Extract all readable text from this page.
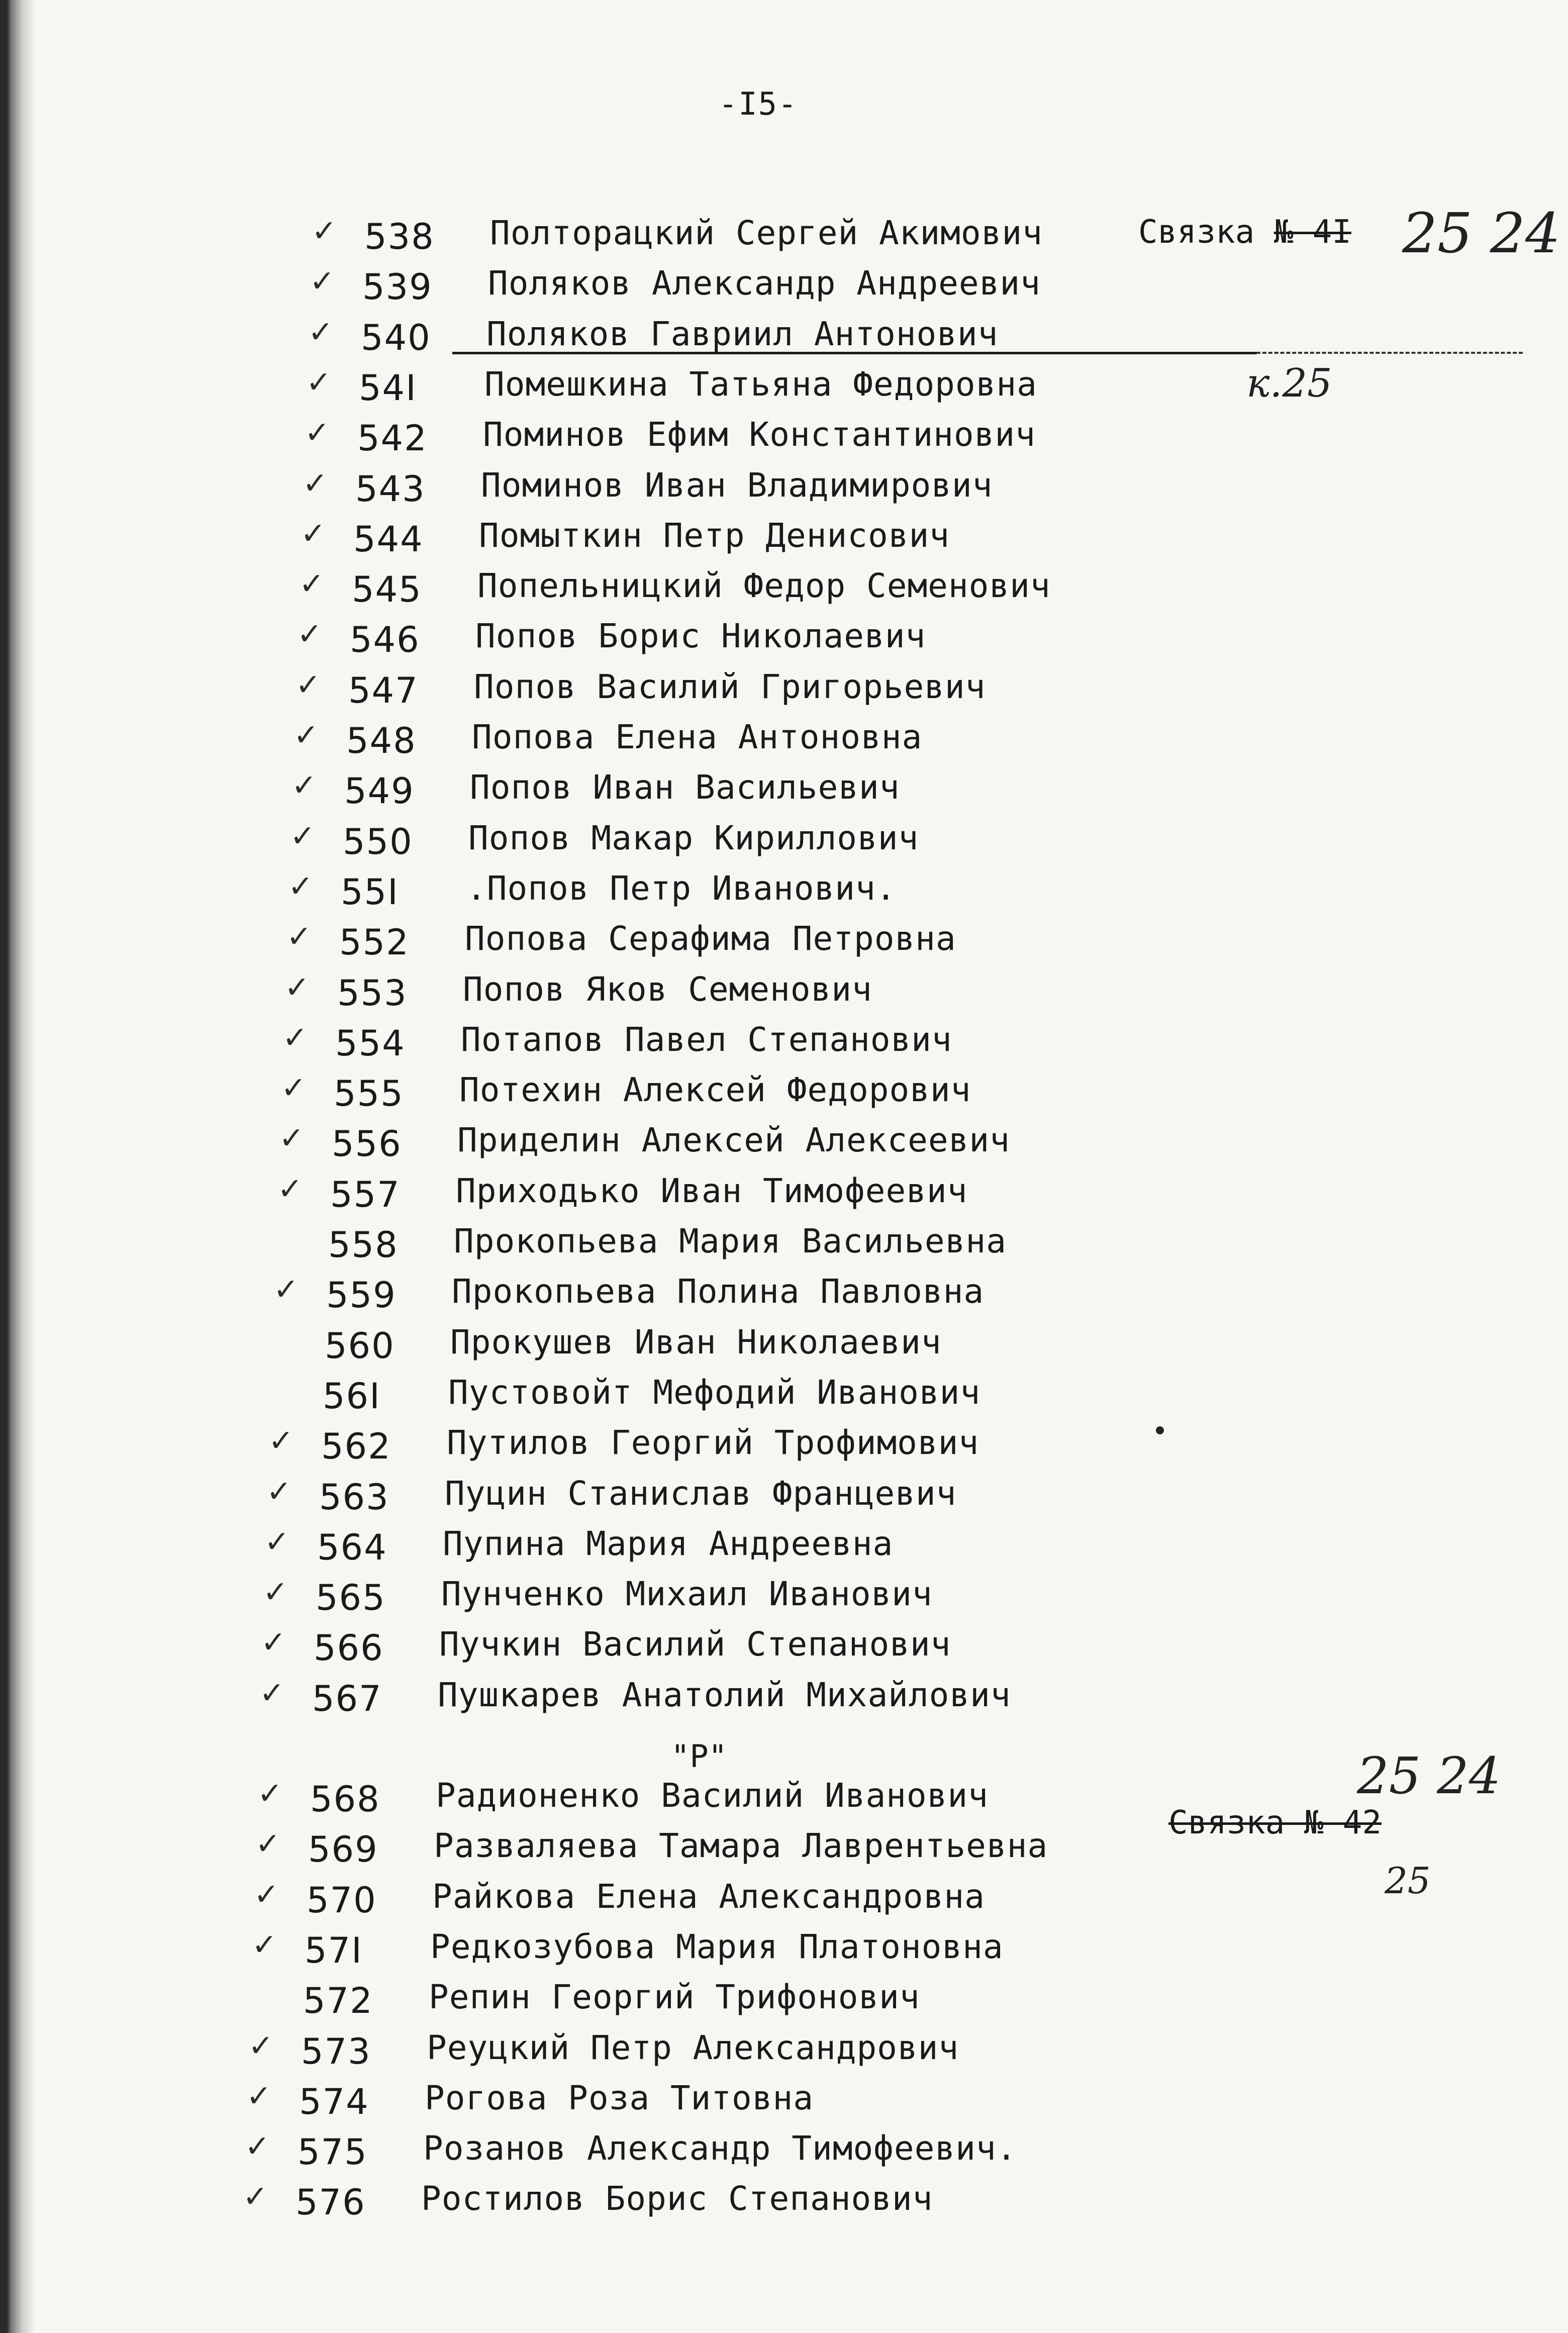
-I5-
✓ 538 Полторацкий Сергей Акимович
✓ 539 Поляков Александр Андреевич
✓ 540 Поляков Гавриил Антонович
✓ 54I Помешкина Татьяна Федоровна
✓ 542 Поминов Ефим Константинович
✓ 543 Поминов Иван Владимирович
✓ 544 Помыткин Петр Денисович
✓ 545 Попельницкий Федор Семенович
✓ 546 Попов Борис Николаевич
✓ 547 Попов Василий Григорьевич
✓ 548 Попова Елена Антоновна
✓ 549 Попов Иван Васильевич
✓ 550 Попов Макар Кириллович
✓ 55I .Попов Петр Иванович.
✓ 552 Попова Серафима Петровна
✓ 553 Попов Яков Семенович
✓ 554 Потапов Павел Степанович
✓ 555 Потехин Алексей Федорович
✓ 556 Приделин Алексей Алексеевич
✓ 557 Приходько Иван Тимофеевич
558 Прокопьева Мария Васильевна
✓ 559 Прокопьева Полина Павловна
560 Прокушев Иван Николаевич
56I Пустовойт Мефодий Иванович
✓ 562 Путилов Георгий Трофимович
✓ 563 Пуцин Станислав Францевич
✓ 564 Пупина Мария Андреевна
✓ 565 Пунченко Михаил Иванович
✓ 566 Пучкин Василий Степанович
✓ 567 Пушкарев Анатолий Михайлович
✓ 568 Радионенко Василий Иванович
✓ 569 Разваляева Тамара Лаврентьевна
✓ 570 Райкова Елена Александровна
✓ 57I Редкозубова Мария Платоновна
572 Репин Георгий Трифонович
✓ 573 Реуцкий Петр Александрович
✓ 574 Рогова Роза Титовна
✓ 575 Розанов Александр Тимофеевич.
✓ 576 Ростилов Борис Степанович
"Р"
Связка № 4I 25 24
к.25
Связка № 42
25 24
25
